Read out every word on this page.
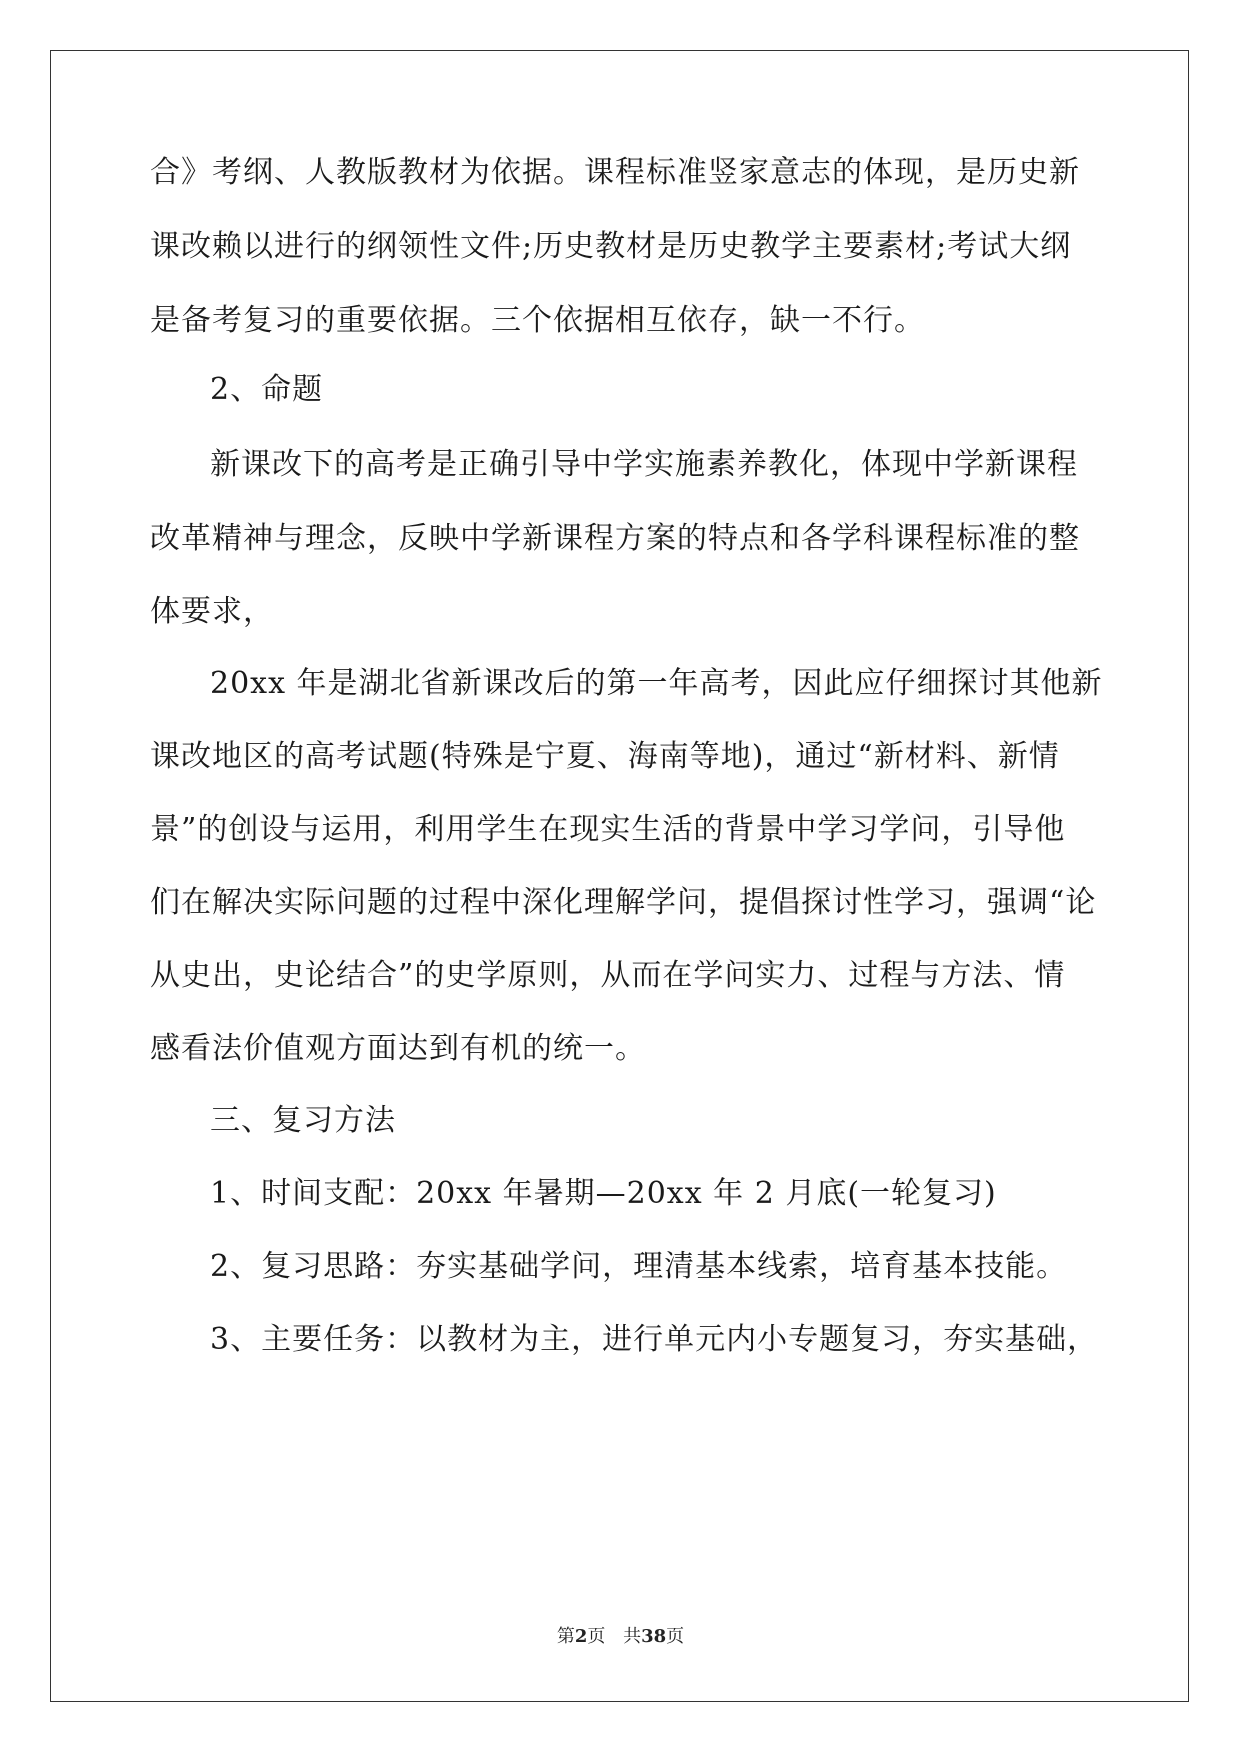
合》考纲、人教版教材为依据。课程标准竖家意志的体现，是历史新
课改赖以进行的纲领性文件;历史教材是历史教学主要素材;考试大纲
是备考复习的重要依据。三个依据相互依存，缺一不行。
2、命题
新课改下的高考是正确引导中学实施素养教化，体现中学新课程
改革精神与理念，反映中学新课程方案的特点和各学科课程标准的整
体要求，
20xx 年是湖北省新课改后的第一年高考，因此应仔细探讨其他新
课改地区的高考试题(特殊是宁夏、海南等地)，通过“新材料、新情
景”的创设与运用，利用学生在现实生活的背景中学习学问，引导他
们在解决实际问题的过程中深化理解学问，提倡探讨性学习，强调“论
从史出，史论结合”的史学原则，从而在学问实力、过程与方法、情
感看法价值观方面达到有机的统一。
三、复习方法
1、时间支配：20xx 年暑期—20xx 年 2 月底(一轮复习)
2、复习思路：夯实基础学问，理清基本线索，培育基本技能。
3、主要任务：以教材为主，进行单元内小专题复习，夯实基础，
第2页 共38页
